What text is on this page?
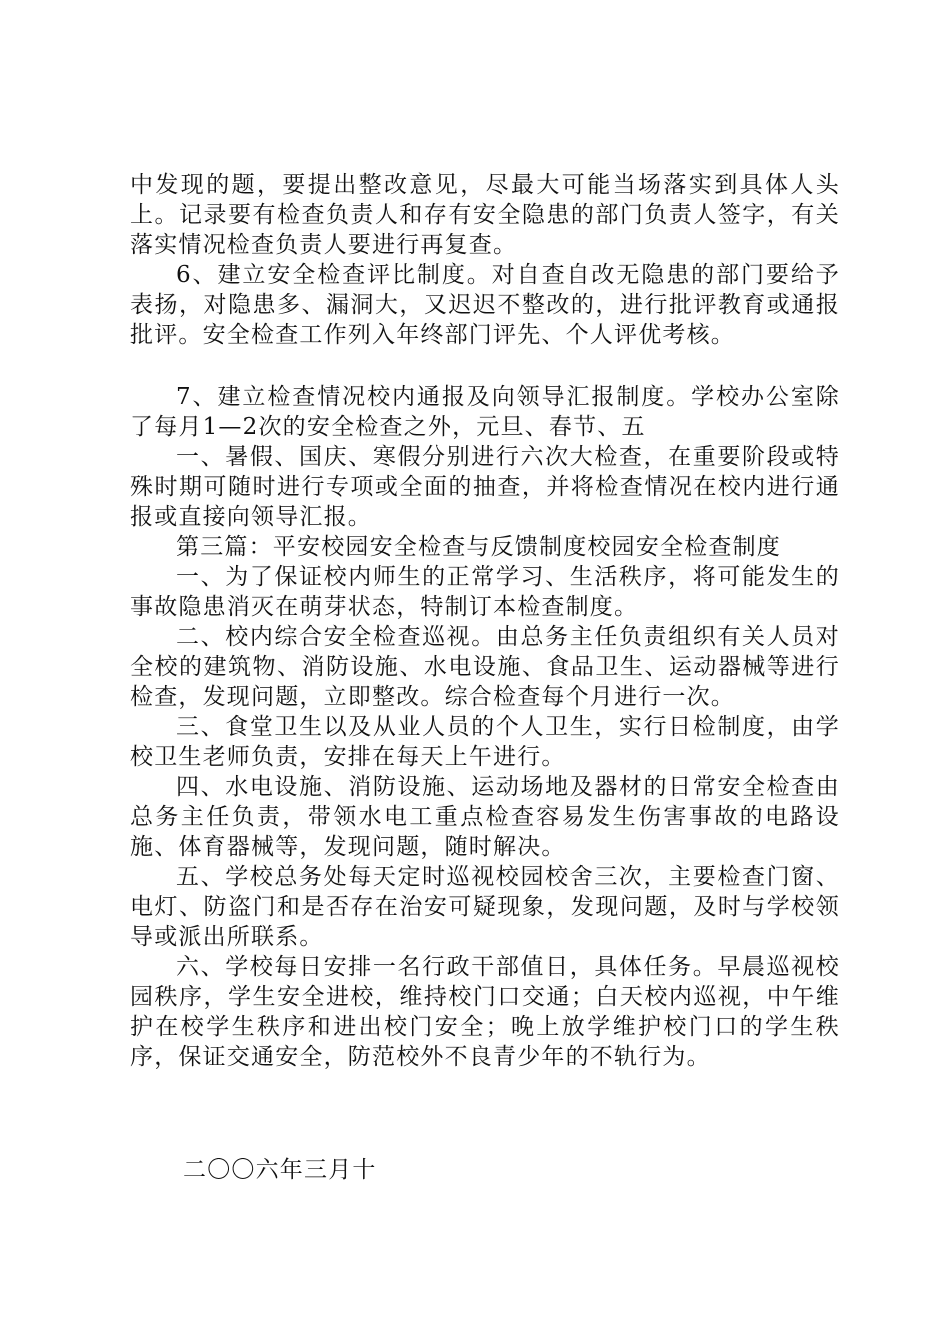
中发现的题，要提出整改意见，尽最大可能当场落实到具体人头上。记录要有检查负责人和存有安全隐患的部门负责人签字，有关落实情况检查负责人要进行再复查。

6、建立安全检查评比制度。对自查自改无隐患的部门要给予表扬，对隐患多、漏洞大，又迟迟不整改的，进行批评教育或通报批评。安全检查工作列入年终部门评先、个人评优考核。

7、建立检查情况校内通报及向领导汇报制度。学校办公室除了每月1—2次的安全检查之外，元旦、春节、五

一、暑假、国庆、寒假分别进行六次大检查，在重要阶段或特殊时期可随时进行专项或全面的抽查，并将检查情况在校内进行通报或直接向领导汇报。

第三篇：平安校园安全检查与反馈制度校园安全检查制度

一、为了保证校内师生的正常学习、生活秩序，将可能发生的事故隐患消灭在萌芽状态，特制订本检查制度。

二、校内综合安全检查巡视。由总务主任负责组织有关人员对全校的建筑物、消防设施、水电设施、食品卫生、运动器械等进行检查，发现问题，立即整改。综合检查每个月进行一次。

三、食堂卫生以及从业人员的个人卫生，实行日检制度，由学校卫生老师负责，安排在每天上午进行。

四、水电设施、消防设施、运动场地及器材的日常安全检查由总务主任负责，带领水电工重点检查容易发生伤害事故的电路设施、体育器械等，发现问题，随时解决。

五、学校总务处每天定时巡视校园校舍三次，主要检查门窗、电灯、防盗门和是否存在治安可疑现象，发现问题，及时与学校领导或派出所联系。

六、学校每日安排一名行政干部值日，具体任务。早晨巡视校园秩序，学生安全进校，维持校门口交通；白天校内巡视，中午维护在校学生秩序和进出校门安全；晚上放学维护校门口的学生秩序，保证交通安全，防范校外不良青少年的不轨行为。

二〇〇六年三月十
